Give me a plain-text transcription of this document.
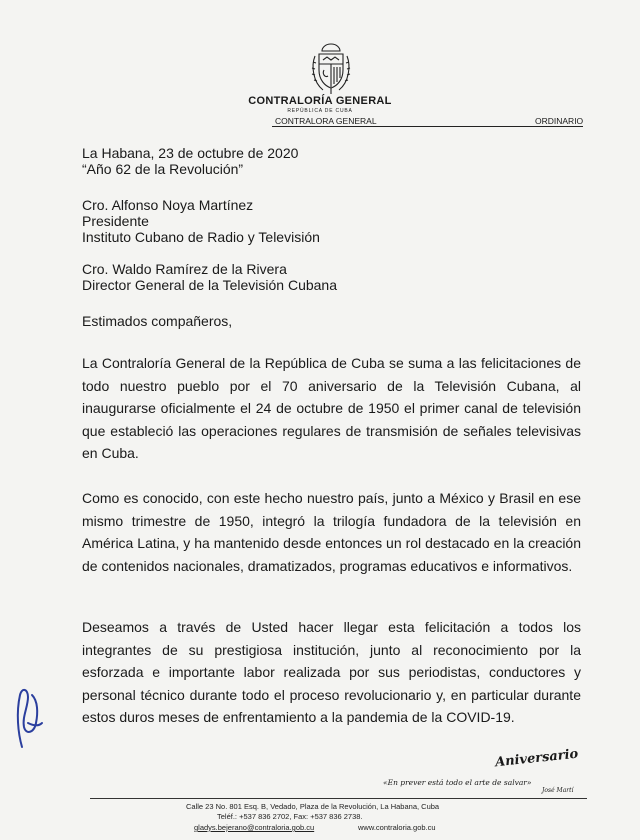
CONTRALORÍA GENERAL
REPÚBLICA DE CUBA
CONTRALORA GENERAL	ORDINARIO
La Habana, 23 de octubre de 2020
“Año 62 de la Revolución”
Cro. Alfonso Noya Martínez
Presidente
Instituto Cubano de Radio y Televisión
Cro. Waldo Ramírez de la Rivera
Director General de la Televisión Cubana
Estimados compañeros,

La Contraloría General de la República de Cuba se suma a las felicitaciones de todo nuestro pueblo por el 70 aniversario de la Televisión Cubana, al inaugurarse oficialmente el 24 de octubre de 1950 el primer canal de televisión que estableció las operaciones regulares de transmisión de señales televisivas en Cuba.

Como es conocido, con este hecho nuestro país, junto a México y Brasil en ese mismo trimestre de 1950, integró la trilogía fundadora de la televisión en América Latina, y ha mantenido desde entonces un rol destacado en la creación de contenidos nacionales, dramatizados, programas educativos e informativos.

Deseamos a través de Usted hacer llegar esta felicitación a todos los integrantes de su prestigiosa institución, junto al reconocimiento por la esforzada e importante labor realizada por sus periodistas, conductores y personal técnico durante todo el proceso revolucionario y, en particular durante estos duros meses de enfrentamiento a la pandemia de la COVID-19.

Aniversario
«En prever está todo el arte de salvar»
José Martí
Calle 23 No. 801 Esq. B, Vedado, Plaza de la Revolución, La Habana, Cuba
Teléf.: +537 836 2702, Fax: +537 836 2738.
gladys.bejerano@contraloria.gob.cu	www.contraloria.gob.cu
